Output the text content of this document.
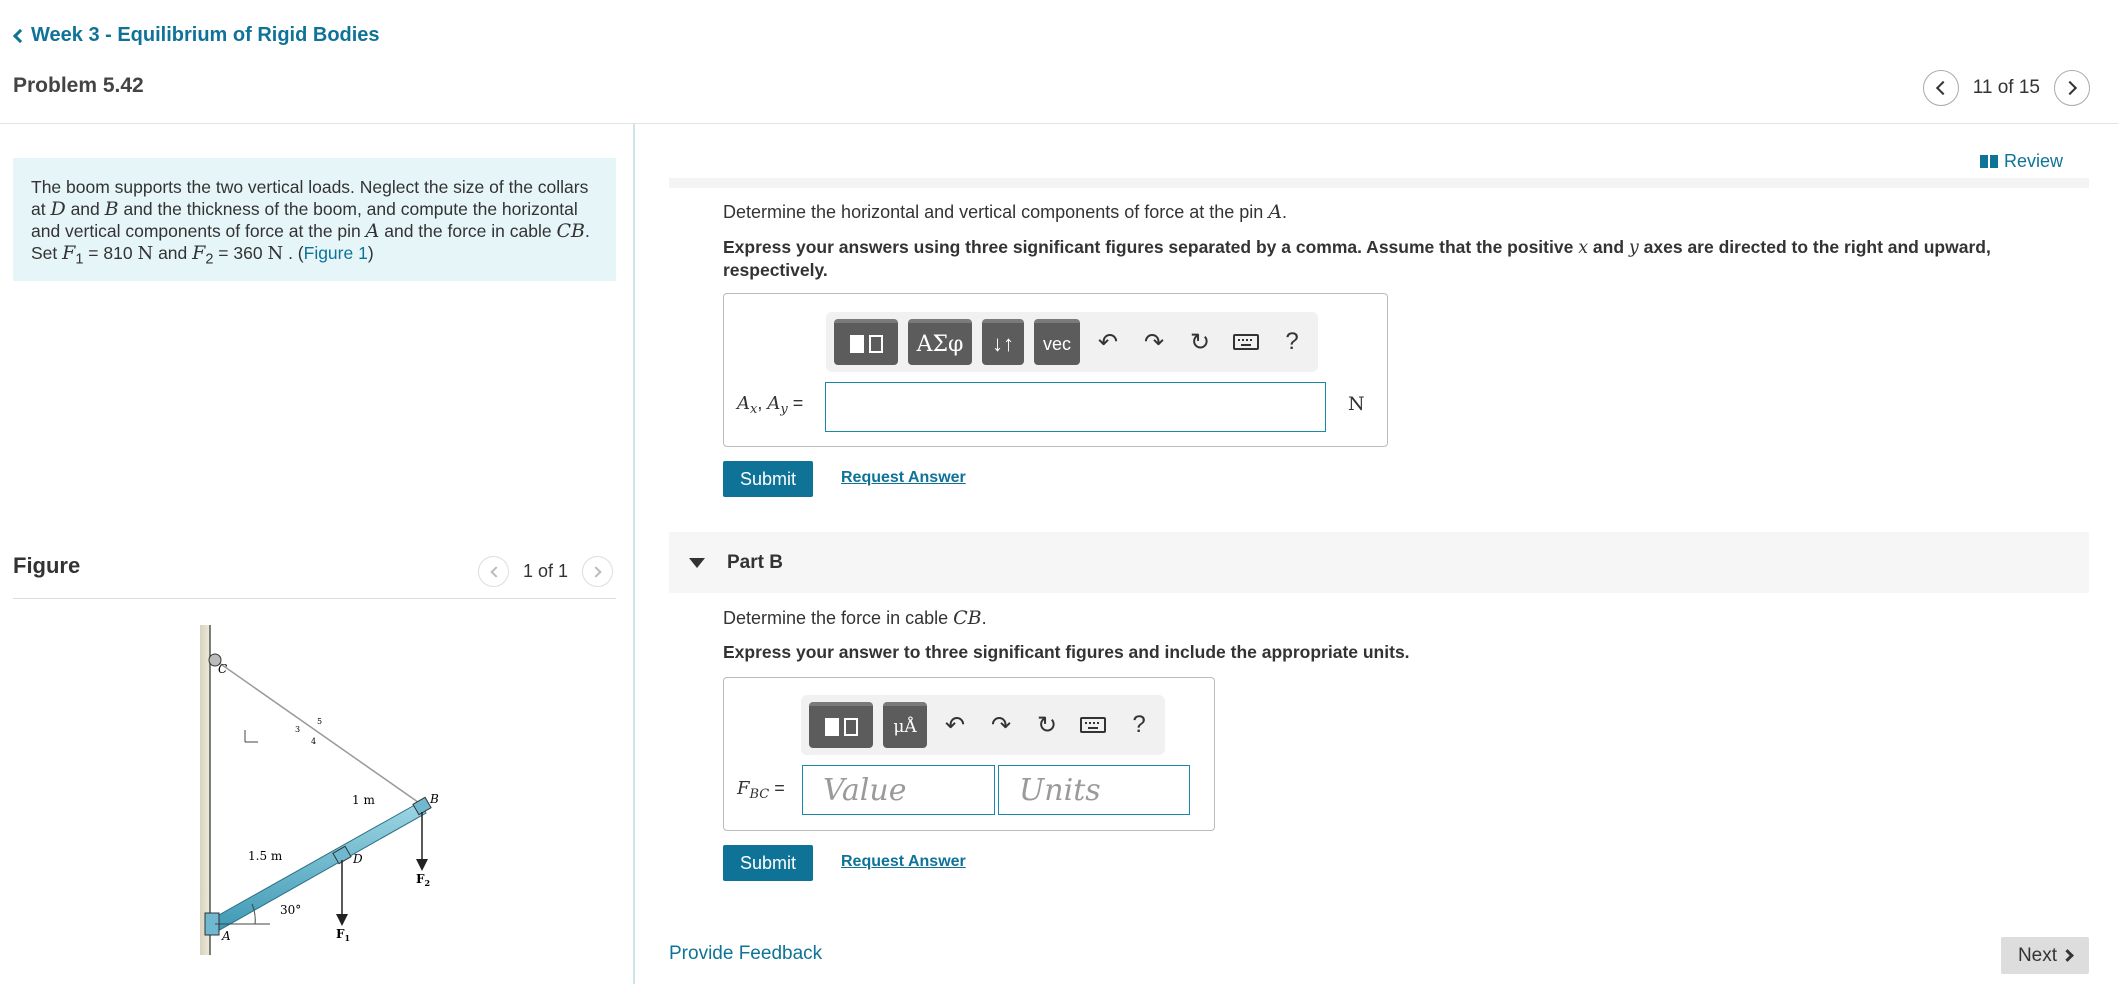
Week 3 - Equilibrium of Rigid Bodies
Problem 5.42	11 of 15
The boom supports the two vertical loads. Neglect the size of the collars at D and B and the thickness of the boom, and compute the horizontal and vertical components of force at the pin A and the force in cable CB.
Set $F_1 = 810$ N and $F_2 = 360$ N . (Figure 1)
Figure	1 of 1
C
B
D
A
1 m
1.5 m
30°
5
3
4
$F_1$
$F_2$
Review
Determine the horizontal and vertical components of force at the pin A.
Express your answers using three significant figures separated by a comma. Assume that the positive x and y axes are directed to the right and upward, respectively.
ΑΣφ	↓↑	vec	↶	↷	↻	?
$A_x$, $A_y$ =	N
Submit	Request Answer
Part B
Determine the force in cable CB.
Express your answer to three significant figures and include the appropriate units.
μÅ	↶	↷	↻	?
$F_{BC}$ =	Value	Units
Submit	Request Answer
Provide Feedback	Next
